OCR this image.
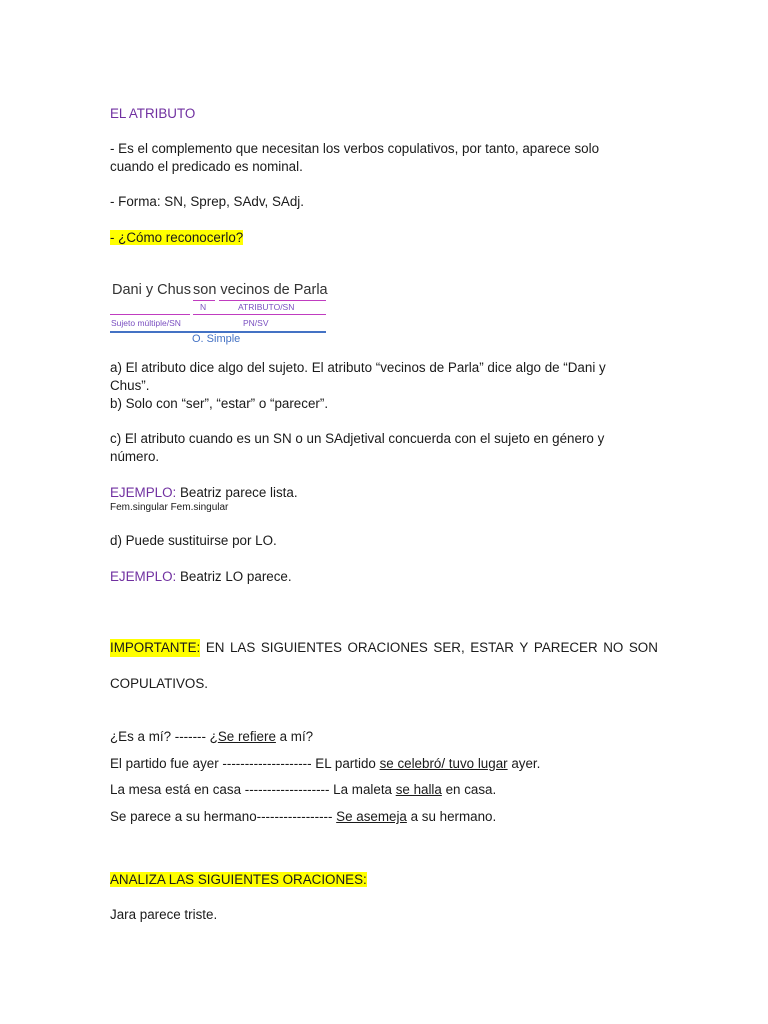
EL ATRIBUTO
- Es el complemento que necesitan los verbos copulativos, por tanto, aparece solo
cuando el predicado es nominal.
- Forma: SN, Sprep, SAdv, SAdj.
- ¿Cómo reconocerlo?
Dani y Chus son vecinos de Parla
N	ATRIBUTO/SN
Sujeto múltiple/SN	PN/SV
O. Simple
a) El atributo dice algo del sujeto. El atributo “vecinos de Parla” dice algo de “Dani y
Chus”.
b) Solo con “ser”, “estar” o “parecer”.
c) El atributo cuando es un SN o un SAdjetival concuerda con el sujeto en género y
número.
EJEMPLO: Beatriz parece lista.
Fem.singular Fem.singular
d) Puede sustituirse por LO.
EJEMPLO: Beatriz LO parece.
IMPORTANTE: EN LAS SIGUIENTES ORACIONES SER, ESTAR Y PARECER NO SON
COPULATIVOS.
¿Es a mí? ------- ¿Se refiere a mí?
El partido fue ayer -------------------- EL partido se celebró/ tuvo lugar ayer.
La mesa está en casa ------------------- La maleta se halla en casa.
Se parece a su hermano----------------- Se asemeja a su hermano.
ANALIZA LAS SIGUIENTES ORACIONES:
Jara parece triste.
